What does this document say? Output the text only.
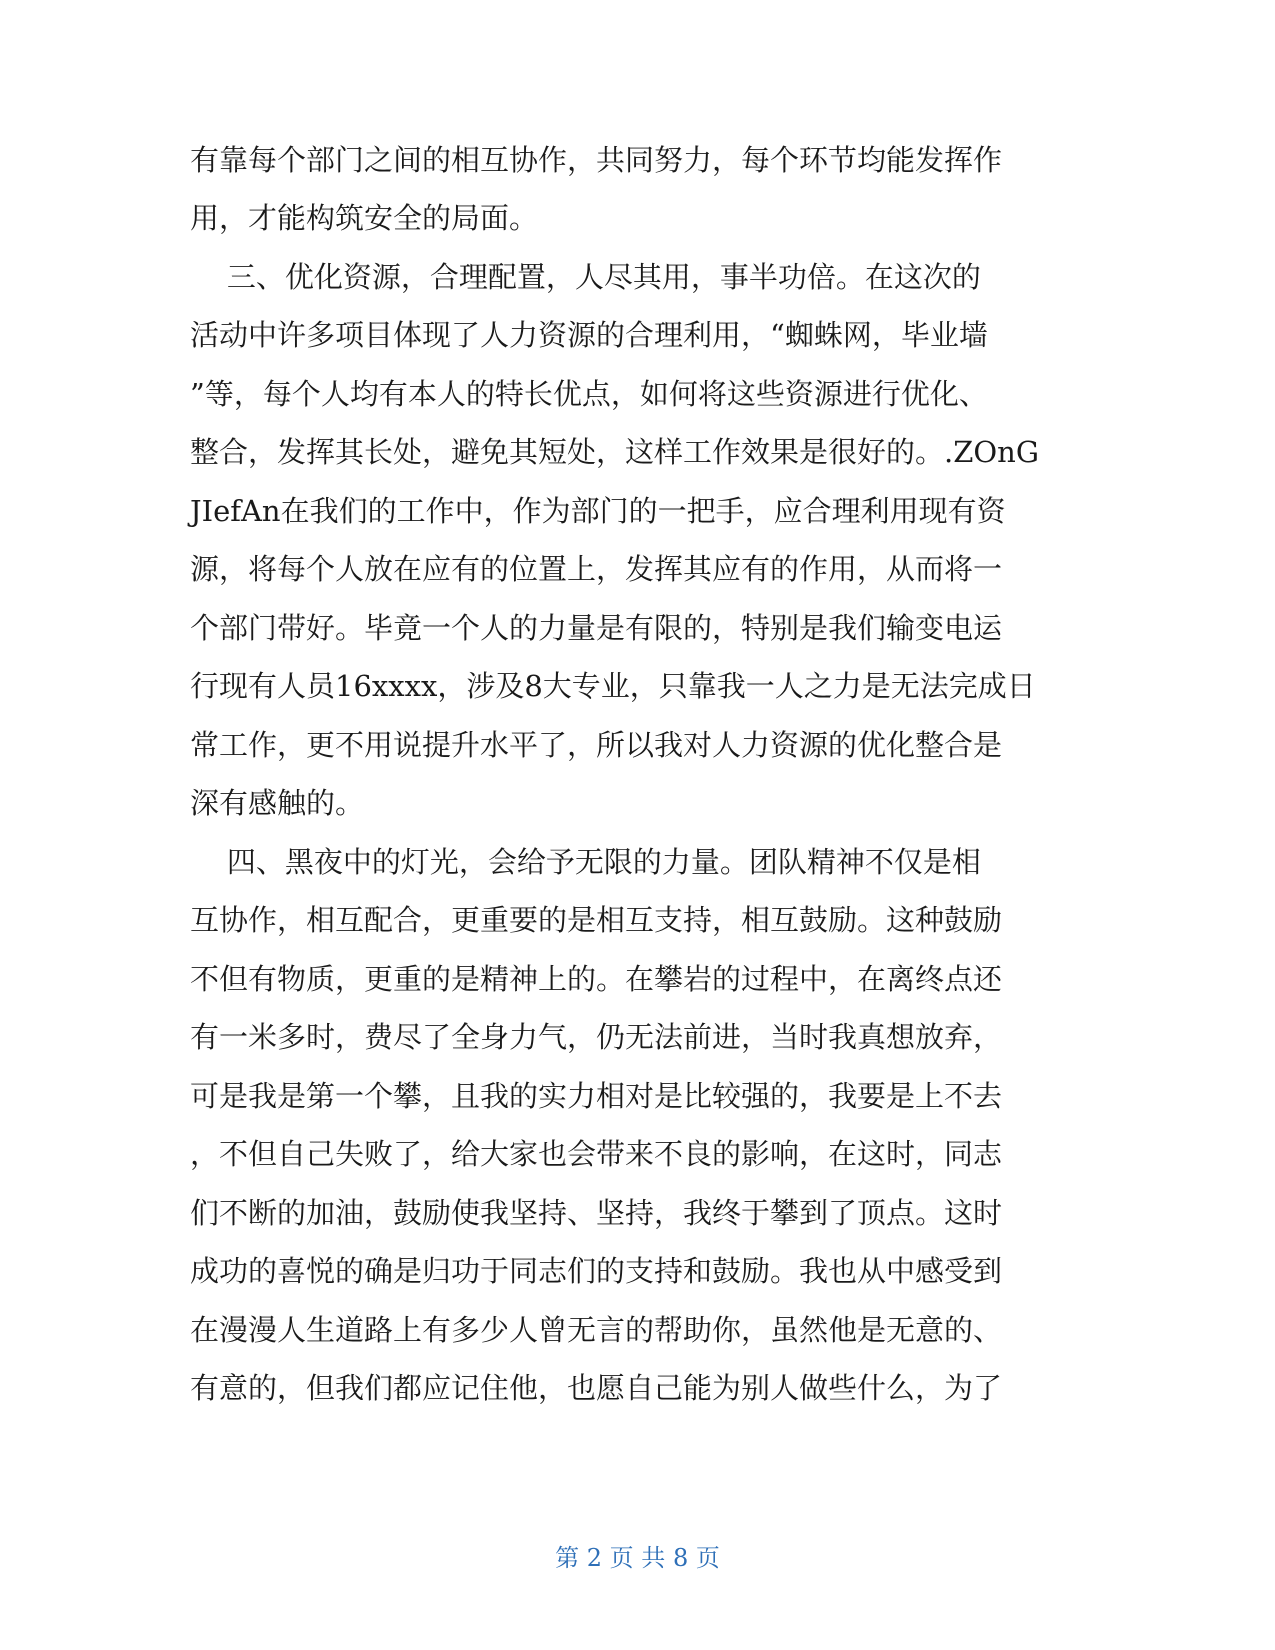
有靠每个部门之间的相互协作，共同努力，每个环节均能发挥作
用，才能构筑安全的局面。
三、优化资源，合理配置，人尽其用，事半功倍。在这次的
活动中许多项目体现了人力资源的合理利用，“蜘蛛网，毕业墙
”等，每个人均有本人的特长优点，如何将这些资源进行优化、
整合，发挥其长处，避免其短处，这样工作效果是很好的。.ZOnG
JIefAn在我们的工作中，作为部门的一把手，应合理利用现有资
源，将每个人放在应有的位置上，发挥其应有的作用，从而将一
个部门带好。毕竟一个人的力量是有限的，特别是我们输变电运
行现有人员16xxxx，涉及8大专业，只靠我一人之力是无法完成日
常工作，更不用说提升水平了，所以我对人力资源的优化整合是
深有感触的。
四、黑夜中的灯光，会给予无限的力量。团队精神不仅是相
互协作，相互配合，更重要的是相互支持，相互鼓励。这种鼓励
不但有物质，更重的是精神上的。在攀岩的过程中，在离终点还
有一米多时，费尽了全身力气，仍无法前进，当时我真想放弃，
可是我是第一个攀，且我的实力相对是比较强的，我要是上不去
，不但自己失败了，给大家也会带来不良的影响，在这时，同志
们不断的加油，鼓励使我坚持、坚持，我终于攀到了顶点。这时
成功的喜悦的确是归功于同志们的支持和鼓励。我也从中感受到
在漫漫人生道路上有多少人曾无言的帮助你，虽然他是无意的、
有意的，但我们都应记住他，也愿自己能为别人做些什么，为了
第 2 页 共 8 页
